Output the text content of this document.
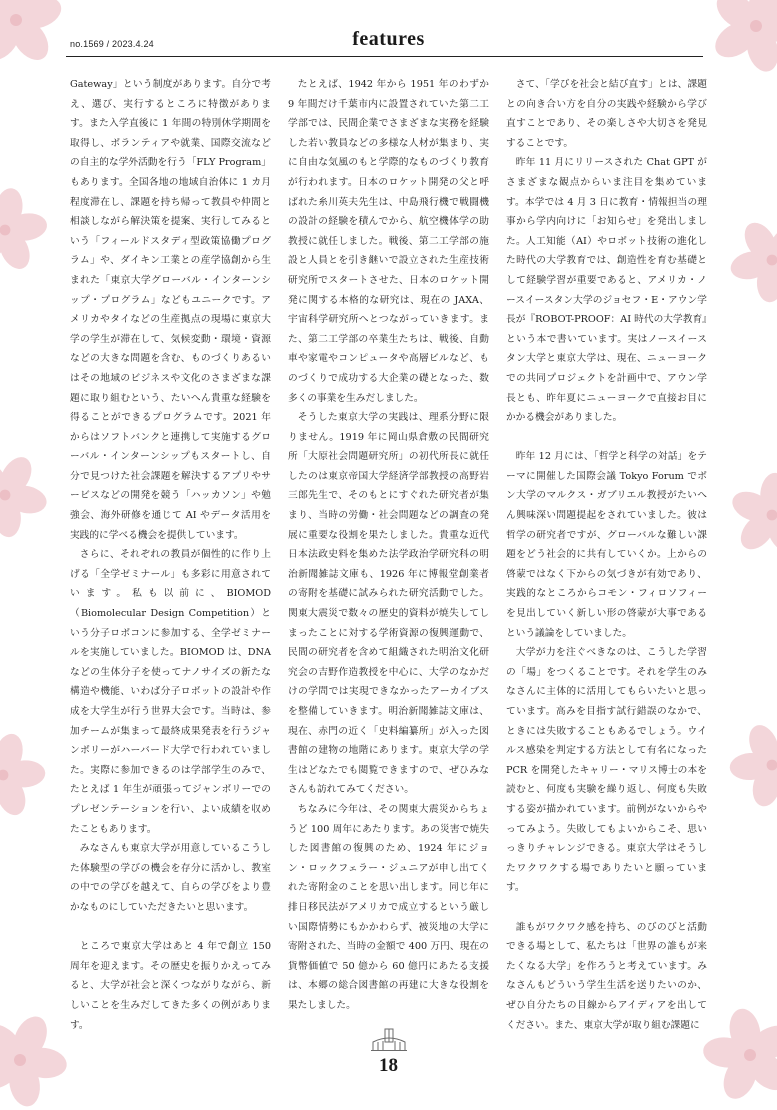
no.1569 / 2023.4.24	features

Gateway」という制度があります。自分で考え、選び、実行するところに特徴があります。また入学直後に 1 年間の特別休学期間を取得し、ボランティアや就業、国際交流などの自主的な学外活動を行う「FLY Program」もあります。全国各地の地域自治体に 1 カ月程度滞在し、課題を持ち帰って教員や仲間と相談しながら解決策を提案、実行してみるという「フィールドスタディ型政策協働プログラム」や、ダイキン工業との産学協創から生まれた「東京大学グローバル・インターンシップ・プログラム」などもユニークです。アメリカやタイなどの生産拠点の現場に東京大学の学生が滞在して、気候変動・環境・資源などの大きな問題を含む、ものづくりあるいはその地域のビジネスや文化のさまざまな課題に取り組むという、たいへん貴重な経験を得ることができるプログラムです。2021 年からはソフトバンクと連携して実施するグローバル・インターンシップもスタートし、自分で見つけた社会課題を解決するアプリやサービスなどの開発を競う「ハッカソン」や勉強会、海外研修を通じて AI やデータ活用を実践的に学べる機会を提供しています。

さらに、それぞれの教員が個性的に作り上げる「全学ゼミナール」も多彩に用意されています。私も以前に、BIOMOD（Biomolecular Design Competition）という分子ロボコンに参加する、全学ゼミナールを実施していました。BIOMOD は、DNA などの生体分子を使ってナノサイズの新たな構造や機能、いわば分子ロボットの設計や作成を大学生が行う世界大会です。当時は、参加チームが集まって最終成果発表を行うジャンボリーがハーバード大学で行われていました。実際に参加できるのは学部学生のみで、たとえば 1 年生が頑張ってジャンボリーでのプレゼンテーションを行い、よい成績を収めたこともあります。

みなさんも東京大学が用意しているこうした体験型の学びの機会を存分に活かし、教室の中での学びを越えて、自らの学びをより豊かなものにしていただきたいと思います。

ところで東京大学はあと 4 年で創立 150 周年を迎えます。その歴史を振りかえってみると、大学が社会と深くつながりながら、新しいことを生みだしてきた多くの例があります。

たとえば、1942 年から 1951 年のわずか 9 年間だけ千葉市内に設置されていた第二工学部では、民間企業でさまざまな実務を経験した若い教員などの多様な人材が集まり、実に自由な気風のもと学際的なものづくり教育が行われます。日本のロケット開発の父と呼ばれた糸川英夫先生は、中島飛行機で戦闘機の設計の経験を積んでから、航空機体学の助教授に就任しました。戦後、第二工学部の施設と人員とを引き継いで設立された生産技術研究所でスタートさせた、日本のロケット開発に関する本格的な研究は、現在の JAXA、宇宙科学研究所へとつながっていきます。また、第二工学部の卒業生たちは、戦後、自動車や家電やコンピュータや高層ビルなど、ものづくりで成功する大企業の礎となった、数多くの事業を生みだしました。

そうした東京大学の実践は、理系分野に限りません。1919 年に岡山県倉敷の民間研究所「大原社会問題研究所」の初代所長に就任したのは東京帝国大学経済学部教授の高野岩三郎先生で、そのもとにすぐれた研究者が集まり、当時の労働・社会問題などの調査の発展に重要な役割を果たしました。貴重な近代日本法政史料を集めた法学政治学研究科の明治新聞雑誌文庫も、1926 年に博報堂創業者の寄附を基礎に試みられた研究活動でした。関東大震災で数々の歴史的資料が焼失してしまったことに対する学術資源の復興運動で、民間の研究者を含めて組織された明治文化研究会の吉野作造教授を中心に、大学のなかだけの学問では実現できなかったアーカイブスを整備していきます。明治新聞雑誌文庫は、現在、赤門の近く「史料編纂所」が入った図書館の建物の地階にあります。東京大学の学生はどなたでも閲覧できますので、ぜひみなさんも訪れてみてください。

ちなみに今年は、その関東大震災からちょうど 100 周年にあたります。あの災害で焼失した図書館の復興のため、1924 年にジョン・ロックフェラー・ジュニアが申し出てくれた寄附金のことを思い出します。同じ年に排日移民法がアメリカで成立するという厳しい国際情勢にもかかわらず、被災地の大学に寄附された、当時の金額で 400 万円、現在の貨幣価値で 50 億から 60 億円にあたる支援は、本郷の総合図書館の再建に大きな役割を果たしました。

さて、「学びを社会と結び直す」とは、課題との向き合い方を自分の実践や経験から学び直すことであり、その楽しさや大切さを発見することです。

昨年 11 月にリリースされた Chat GPT がさまざまな観点からいま注目を集めています。本学では 4 月 3 日に教育・情報担当の理事から学内向けに「お知らせ」を発出しました。人工知能（AI）やロボット技術の進化した時代の大学教育では、創造性を育む基礎として経験学習が重要であると、アメリカ・ノースイースタン大学のジョセフ・E・アウン学長が『ROBOT-PROOF：AI 時代の大学教育』という本で書いています。実はノースイースタン大学と東京大学は、現在、ニューヨークでの共同プロジェクトを計画中で、アウン学長とも、昨年夏にニューヨークで直接お目にかかる機会がありました。

昨年 12 月には、「哲学と科学の対話」をテーマに開催した国際会議 Tokyo Forum でボン大学のマルクス・ガブリエル教授がたいへん興味深い問題提起をされていました。彼は哲学の研究者ですが、グローバルな難しい課題をどう社会的に共有していくか。上からの啓蒙ではなく下からの気づきが有効であり、実践的なところからコモン・フィロソフィーを見出していく新しい形の啓蒙が大事であるという議論をしていました。

大学が力を注ぐべきなのは、こうした学習の「場」をつくることです。それを学生のみなさんに主体的に活用してもらいたいと思っています。高みを目指す試行錯誤のなかで、ときには失敗することもあるでしょう。ウイルス感染を判定する方法として有名になった PCR を開発したキャリー・マリス博士の本を読むと、何度も実験を繰り返し、何度も失敗する姿が描かれています。前例がないからやってみよう。失敗してもよいからこそ、思いっきりチャレンジできる。東京大学はそうしたワクワクする場でありたいと願っています。

誰もがワクワク感を持ち、のびのびと活動できる場として、私たちは「世界の誰もが来たくなる大学」を作ろうと考えています。みなさんもどういう学生生活を送りたいのか、ぜひ自分たちの目線からアイディアを出してください。また、東京大学が取り組む課題に

18
